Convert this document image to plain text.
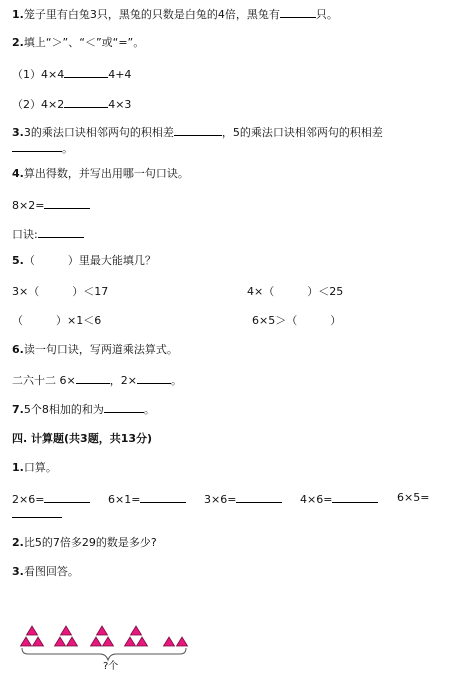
1.笼子里有白兔3只，黑兔的只数是白兔的4倍，黑兔有	只。
2.填上“＞”、“＜”或“=”。
（1）4×4	4+4
（2）4×2	4×3
3.3的乘法口诀相邻两句的积相差	，5的乘法口诀相邻两句的积相差
。
4.算出得数，并写出用哪一句口诀。
8×2=
口诀:
5.（　　　）里最大能填几？
3×（　　　）＜17	4×（　　　）＜25
（　　　）×1＜6	6×5＞（　　　）
6.读一句口诀，写两道乘法算式。
二六十二 6×	，2×	。
7.5个8相加的和为	。
四. 计算题(共3题，共13分)
1.口算。
2×6=	6×1=	3×6=	4×6=	6×5=
2.比5的7倍多29的数是多少?
3.看图回答。
?个
